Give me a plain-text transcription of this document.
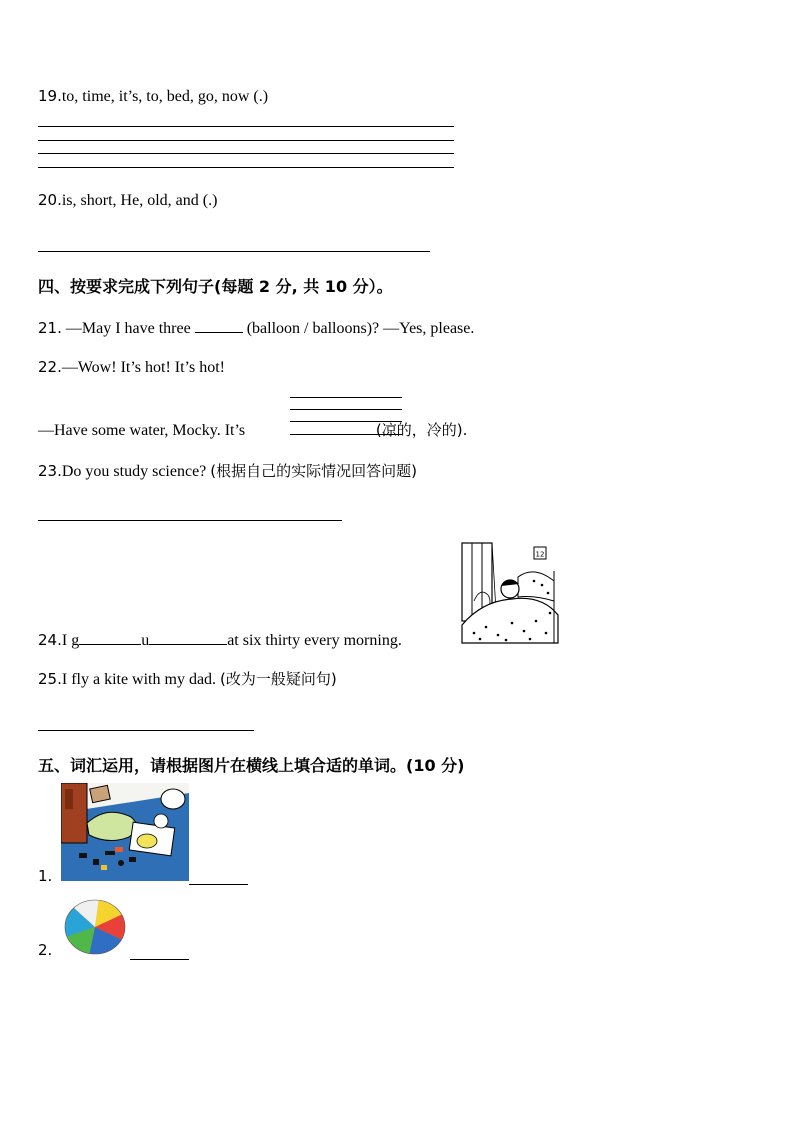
19.to, time, it’s, to, bed, go, now (.)
20.is, short, He, old, and (.)
四、按要求完成下列句子(每题 2 分, 共 10 分）。
21. —May I have three	(balloon / balloons)? —Yes, please.
22.—Wow! It’s hot! It’s hot!
—Have some water, Mocky. It’s	(凉的，冷的).
23.Do you study science? (根据自己的实际情况回答问题)
12
24.I g	u	at six thirty every morning.
25.I fly a kite with my dad. (改为一般疑问句)
五、词汇运用，请根据图片在横线上填合适的单词。(10 分)
1.
2.
